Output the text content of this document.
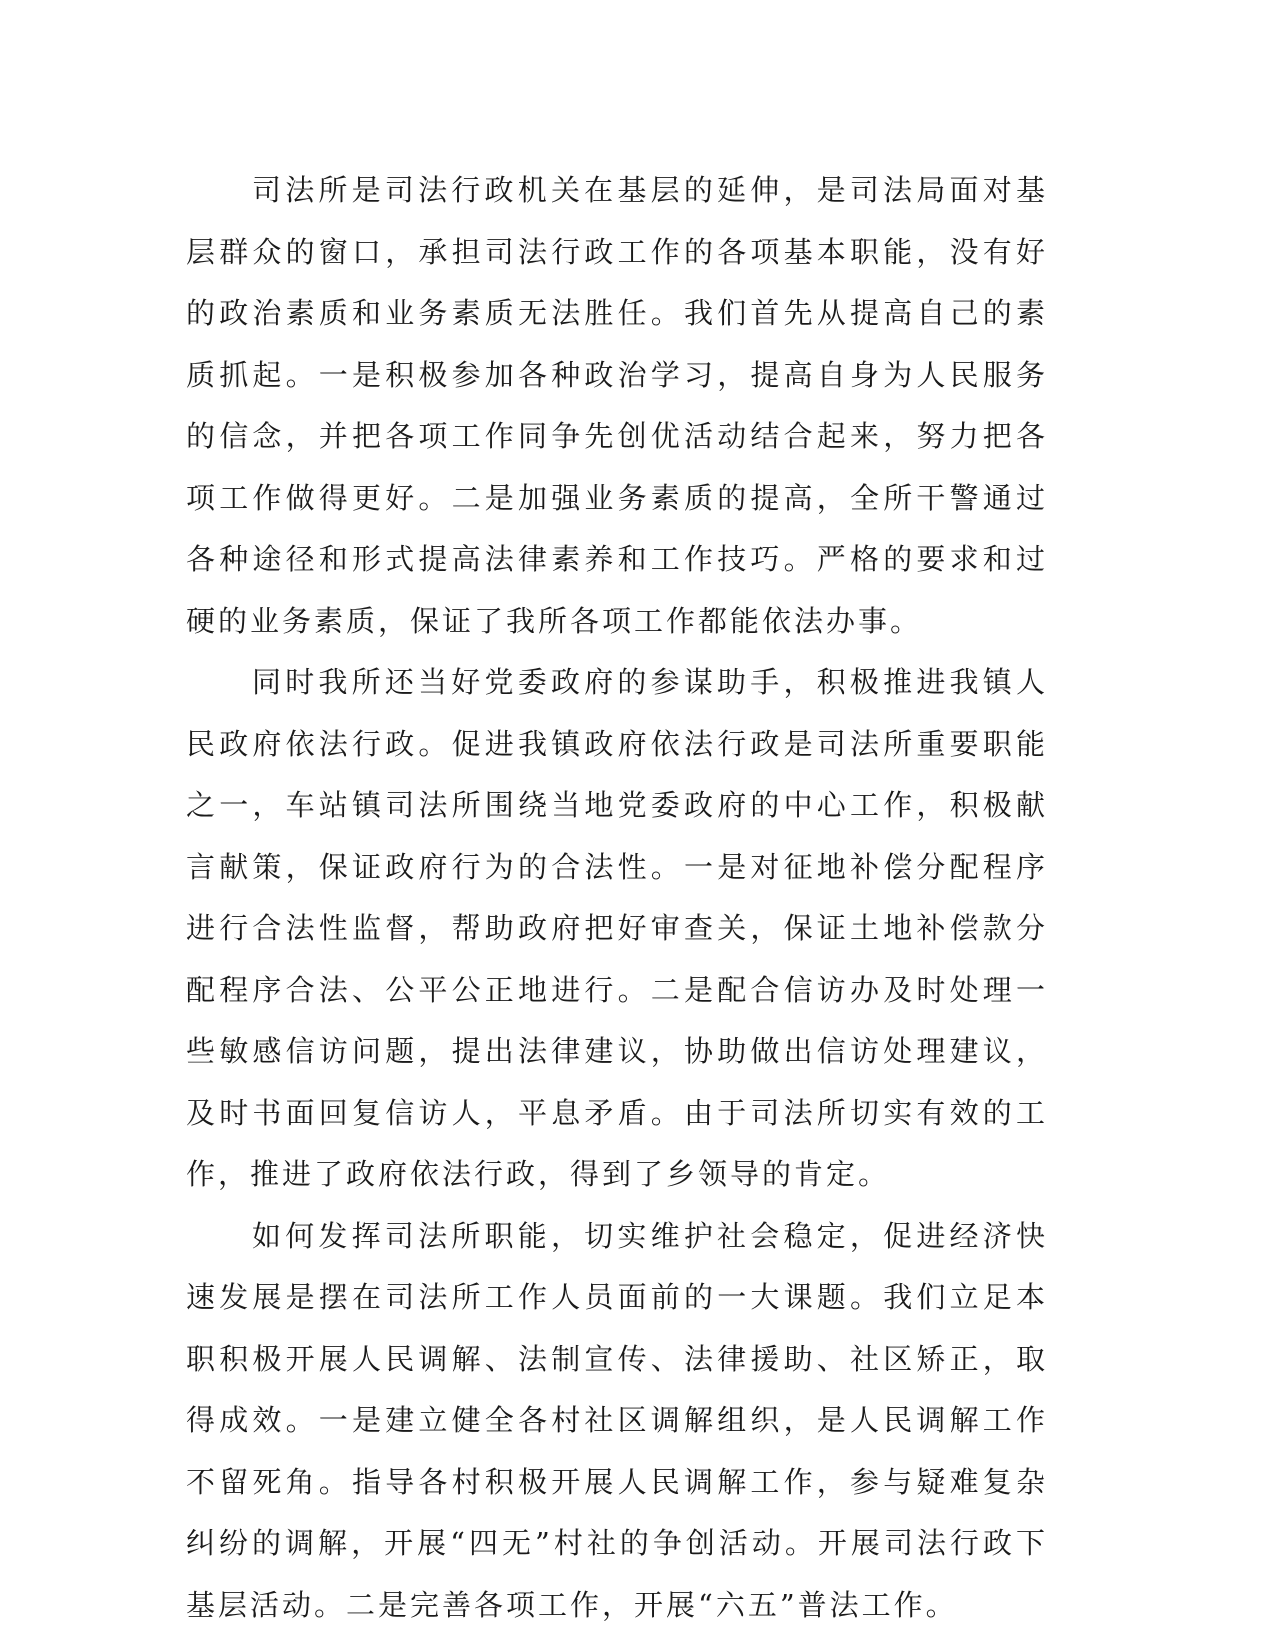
司法所是司法行政机关在基层的延伸，是司法局面对基层群众的窗口，承担司法行政工作的各项基本职能，没有好的政治素质和业务素质无法胜任。我们首先从提高自己的素质抓起。一是积极参加各种政治学习，提高自身为人民服务的信念，并把各项工作同争先创优活动结合起来，努力把各项工作做得更好。二是加强业务素质的提高，全所干警通过各种途径和形式提高法律素养和工作技巧。严格的要求和过硬的业务素质，保证了我所各项工作都能依法办事。

同时我所还当好党委政府的参谋助手，积极推进我镇人民政府依法行政。促进我镇政府依法行政是司法所重要职能之一，车站镇司法所围绕当地党委政府的中心工作，积极献言献策，保证政府行为的合法性。一是对征地补偿分配程序进行合法性监督，帮助政府把好审查关，保证土地补偿款分配程序合法、公平公正地进行。二是配合信访办及时处理一些敏感信访问题，提出法律建议，协助做出信访处理建议，及时书面回复信访人，平息矛盾。由于司法所切实有效的工作，推进了政府依法行政，得到了乡领导的肯定。

如何发挥司法所职能，切实维护社会稳定，促进经济快速发展是摆在司法所工作人员面前的一大课题。我们立足本职积极开展人民调解、法制宣传、法律援助、社区矫正，取得成效。一是建立健全各村社区调解组织，是人民调解工作不留死角。指导各村积极开展人民调解工作，参与疑难复杂纠纷的调解，开展“四无”村社的争创活动。开展司法行政下基层活动。二是完善各项工作，开展“六五”普法工作。
